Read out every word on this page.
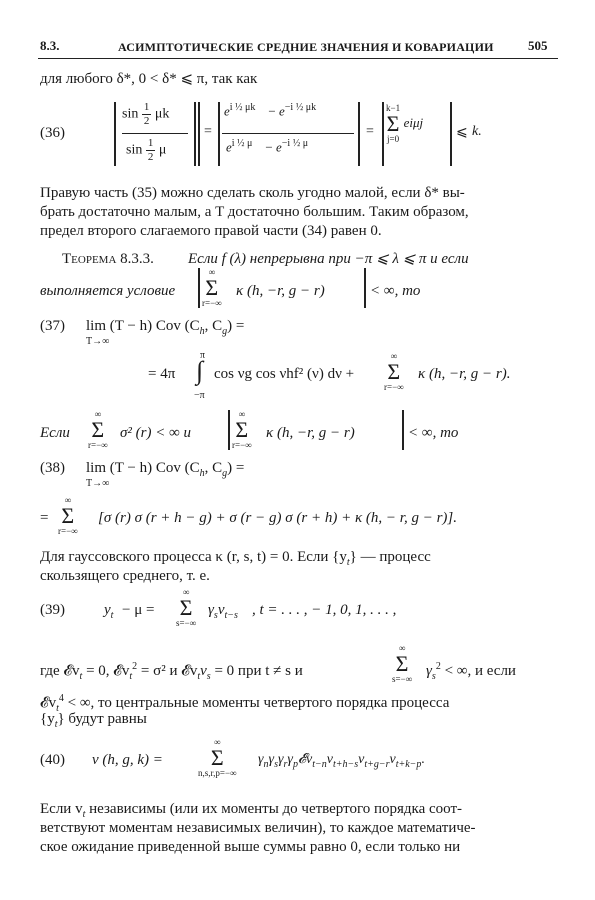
8.3.	АСИМПТОТИЧЕСКИЕ СРЕДНИЕ ЗНАЧЕНИЯ И КОВАРИАЦИИ	505
для любого δ*, 0 < δ* ⩽ π, так как
(36)
$\sin \frac{1}{2}$ μk
$\sin \frac{1}{2}$ μ
=
$e^{i \frac{1}{2} \mu k}$    − $e^{-i \frac{1}{2} \mu k}$
$e^{i \frac{1}{2} \mu}$    − $e^{-i \frac{1}{2} \mu}$
=
k−1
Σ
j=0
eiμj
⩽ k.
Правую часть (35) можно сделать сколь угодно малой, если δ* вы-
брать достаточно малым, а T достаточно большим. Таким образом,
предел второго слагаемого правой части (34) равен 0.
Теорема 8.3.3. Если f (λ) непрерывна при −π ⩽ λ ⩽ π и если
выполняется условие
∞
Σ
r=−∞
κ (h, −r, g − r)	< ∞, то
(37) lim (T − h) Cov ($C_h$, $C_g$) =
T→∞
= 4π
π
∫
−π
cos νg cos νhf² (ν) dν +
∞
Σ
r=−∞
κ (h, −r, g − r).
Если
∞
Σ
r=−∞
σ² (r) < ∞ и
∞
Σ
r=−∞
κ (h, −r, g − r)	< ∞, то
(38) lim (T − h) Cov ($C_h$, $C_g$) =
T→∞
=
∞
Σ
r=−∞
[σ (r) σ (r + h − g) + σ (r − g) σ (r + h) + κ (h, − r, g − r)].
Для гауссовского процесса κ (r, s, t) = 0. Если $\{y_t\}$ — процесс
скользящего среднего, т. е.
(39)	$y_t - \mu$ =
∞
Σ
s=−∞
$\gamma_sv_{t-s}$ , t = . . . , − 1, 0, 1, . . . ,
где 𝓔v$_t$ = 0, 𝓔v$_t^2$ = σ² и $𝓔v_tv_s = 0$ при t ≠ s и
∞
Σ
s=−∞ $\gamma_s^2$ < ∞, и если
𝓔v$_t^4$ < ∞, то центральные моменты четвертого порядка процесса
$\{y_t\}$ будут равны
(40) ν (h, g, k) =
∞
Σ
n,s,r,p=−∞
$\gamma_n\gamma_s\gamma_r\gamma_p𝓔v_{t-n}v_{t+h-s}v_{t+g-r}v_{t+k-p}$.
Если $v_t$ независимы (или их моменты до четвертого порядка соот-
ветствуют моментам независимых величин), то каждое математиче-
ское ожидание приведенной выше суммы равно 0, если только ни
